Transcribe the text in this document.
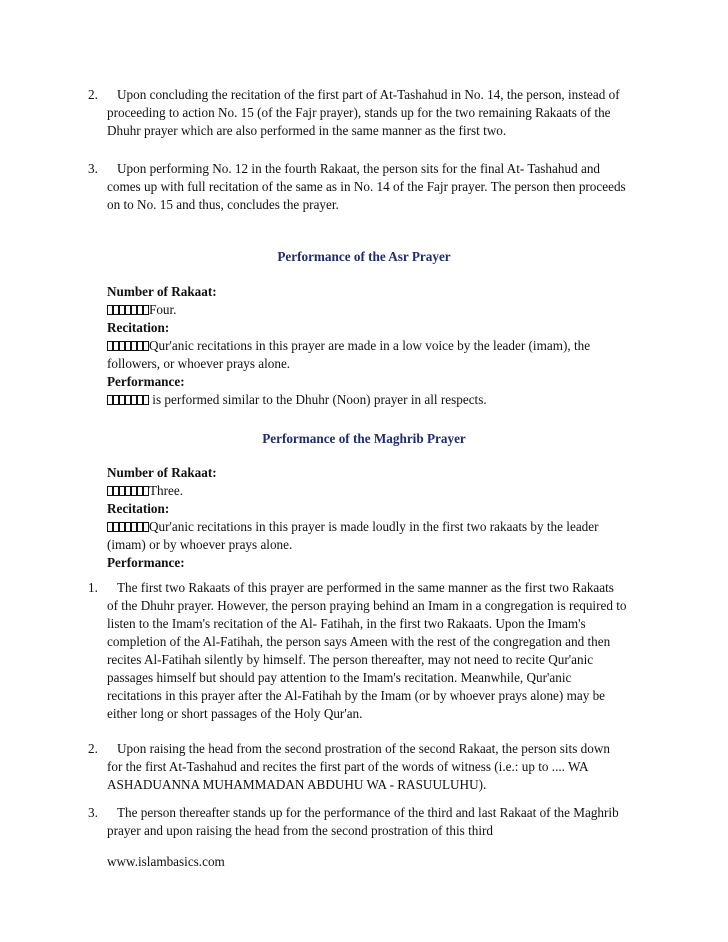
2.	Upon concluding the recitation of the first part of At-Tashahud in No. 14, the person, instead of proceeding to action No. 15 (of the Fajr prayer), stands up for the two remaining Rakaats of the Dhuhr prayer which are also performed in the same manner as the first two.
3.	Upon performing No. 12 in the fourth Rakaat, the person sits for the final At- Tashahud and comes up with full recitation of the same as in No. 14 of the Fajr prayer. The person then proceeds on to No. 15 and thus, concludes the prayer.
Performance of the Asr Prayer
Number of Rakaat:
Four.
Recitation:
Qur'anic recitations in this prayer are made in a low voice by the leader (imam), the followers, or whoever prays alone.
Performance:
is performed similar to the Dhuhr (Noon) prayer in all respects.
Performance of the Maghrib Prayer
Number of Rakaat:
Three.
Recitation:
Qur'anic recitations in this prayer is made loudly in the first two rakaats by the leader (imam) or by whoever prays alone.
Performance:
1.	The first two Rakaats of this prayer are performed in the same manner as the first two Rakaats of the Dhuhr prayer. However, the person praying behind an Imam in a congregation is required to listen to the Imam's recitation of the Al- Fatihah, in the first two Rakaats. Upon the Imam's completion of the Al-Fatihah, the person says Ameen with the rest of the congregation and then recites Al-Fatihah silently by himself. The person thereafter, may not need to recite Qur'anic passages himself but should pay attention to the Imam's recitation. Meanwhile, Qur'anic recitations in this prayer after the Al-Fatihah by the Imam (or by whoever prays alone) may be either long or short passages of the Holy Qur'an.
2.	Upon raising the head from the second prostration of the second Rakaat, the person sits down for the first At-Tashahud and recites the first part of the words of witness (i.e.: up to .... WA ASHADUANNA MUHAMMADAN ABDUHU WA - RASUULUHU).
3.	The person thereafter stands up for the performance of the third and last Rakaat of the Maghrib prayer and upon raising the head from the second prostration of this third
www.islambasics.com
